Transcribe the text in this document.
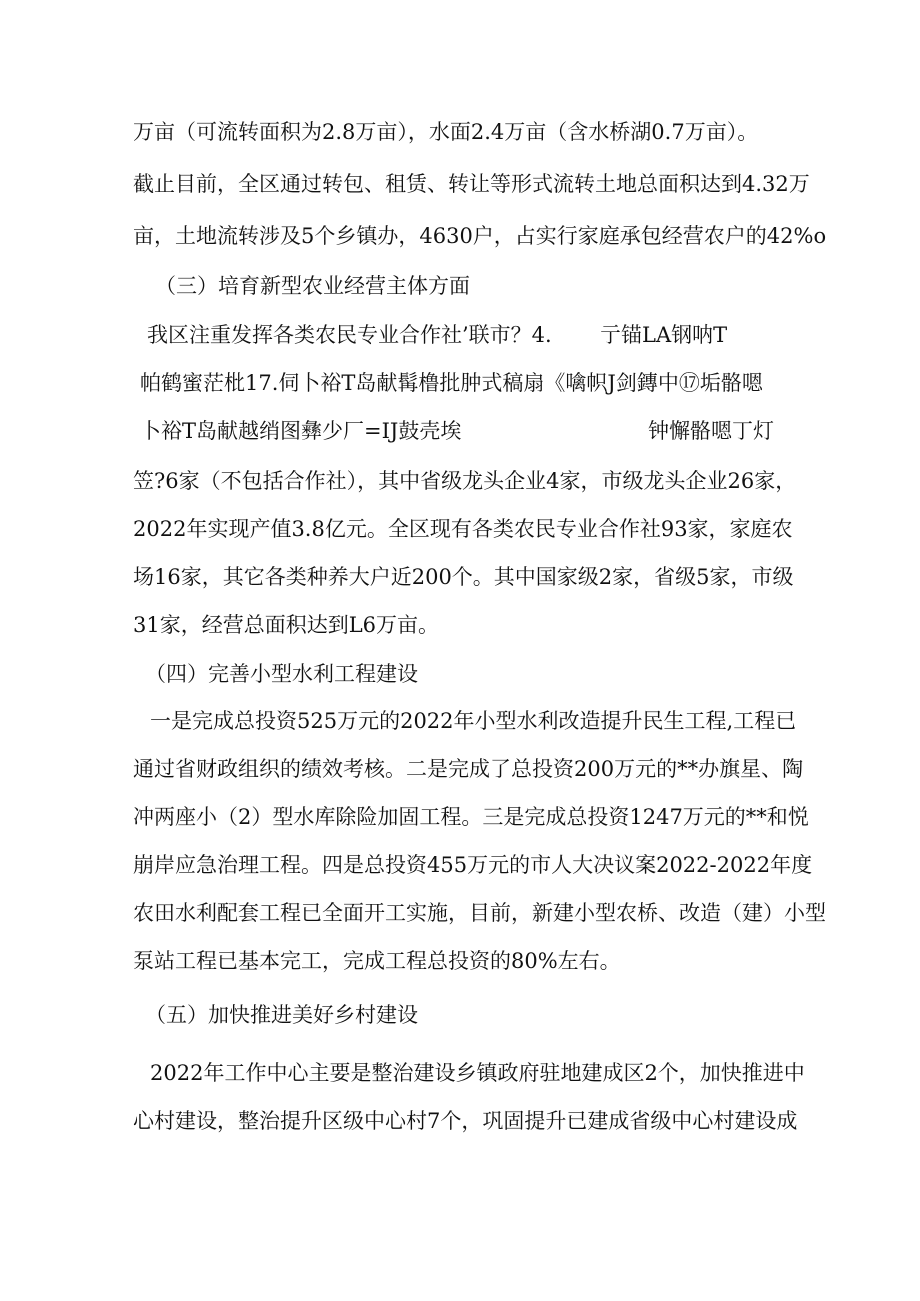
万亩（可流转面积为2.8万亩），水面2.4万亩（含水桥湖0.7万亩）。

截止目前，全区通过转包、租赁、转让等形式流转土地总面积达到4.32万

亩，土地流转涉及5个乡镇办，4630户，占实行家庭承包经营农户的42%o

（三）培育新型农业经营主体方面

我区注重发挥各类农民专业合作社’联市？4.

亍锚LA钢呐T

帕鹤蜜茫枇17.伺卜裕T岛献髯橹批肿式稿扇《噙帜J剑鏄中⑰垢骼嗯

卜裕T岛献越绡图彝少厂=IJ鼓壳埃

	钟懈骼嗯丁灯

笠?6家（不包括合作社），其中省级龙头企业4家，市级龙头企业26家，

2022年实现产值3.8亿元。全区现有各类农民专业合作社93家，家庭农

场16家，其它各类种养大户近200个。其中国家级2家，省级5家，市级

31家，经营总面积达到L6万亩。

（四）完善小型水利工程建设

一是完成总投资525万元的2022年小型水利改造提升民生工程,工程已

通过省财政组织的绩效考核。二是完成了总投资200万元的**办旗星、陶

冲两座小（2）型水库除险加固工程。三是完成总投资1247万元的**和悦

崩岸应急治理工程。四是总投资455万元的市人大决议案2022-2022年度

农田水利配套工程已全面开工实施，目前，新建小型农桥、改造（建）小型

泵站工程已基本完工，完成工程总投资的80%左右。

（五）加快推进美好乡村建设

2022年工作中心主要是整治建设乡镇政府驻地建成区2个，加快推进中

心村建设，整治提升区级中心村7个，巩固提升已建成省级中心村建设成
